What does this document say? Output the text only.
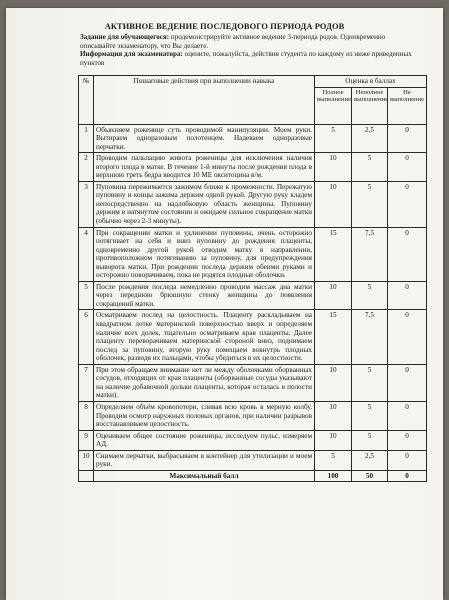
АКТИВНОЕ ВЕДЕНИЕ ПОСЛЕДОВОГО ПЕРИОДА РОДОВ
Задание для обучающегося: продемонстрируйте активное ведение 3-периода родов. Одновременно описывайте экзаменатору, что Вы делаете.
Информация для экзаменатора: оцените, пожалуйста, действия студента по каждому из ниже приведенных пунктов
№	Пошаговые действия при выполнении навыка	Оценка в баллах		
		Полное выполнение	Неполное выполнение	Не выполнение
1	Объясняем роженице суть проводимой манипуляции. Моем руки. Вытираем одноразовым полотенцем. Надеваем одноразовые перчатки.	5	2,5	0
2	Проводим пальпацию живота роженицы для исключения наличия второго плода в матке. В течение 1-й минуты после рождения плода в верхнюю треть бедра вводится 10 МЕ окситоцина в/м.	10	5	0
3	Пуповина пережимается зажимом ближе к промежности. Пережатую пуповину и концы зажима держим одной рукой. Другую руку кладем непосредственно на надлобковую область женщины. Пуповину держим в натянутом состоянии и ожидаем сильное сокращение матки (обычно через 2-3 минуты).	10	5	0
4	При сокращении матки и удлинении пуповины, очень осторожно потягивает на себя и вниз пуповину до рождения плаценты, одновременно другой рукой отводим матку в направлении, противоположном потягиванию за пуповину, для предупреждения выворота матки. При рождении последа держим обеими руками и осторожно поворачиваем, пока не родятся плодные оболочки.	15	7,5	0
5	После рождения последа немедленно проводим массаж дна матки через переднюю брюшную стенку женщины до появления сокращений матки.	10	5	0
6	Осматриваем послед на целостность. Плаценту раскладываем на квадратном лотке материнской поверхностью вверх и определяем наличие всех долек, тщательно осматриваем края плаценты. Далее плаценту переворачиваем материнской стороной вниз, поднимаем послед за пуповину, вторую руку помещаем вовнутрь плодных оболочек, разводя их пальцами, чтобы убедиться в их целостности.	15	7,5	0
7	При этом обращаем внимание нет ли между оболочками оборванных сосудов, отходящих от края плаценты (оборванные сосуды указывают на наличие добавочной дольки плаценты, которая осталась в полости матки).	10	5	0
8	Определяем объём кровопотери, сливая всю кровь в мерную колбу. Проводим осмотр наружных половых органов, при наличии разрывов восстанавливаем целостность.	10	5	0
9	Оцениваем общее состояние роженицы, исследуем пульс, измеряем АД.	10	5	0
10	Снимаем перчатки, выбрасываем в контейнер для утилизации и моем руки.	5	2,5	0
	Максимальный балл	100	50	0
